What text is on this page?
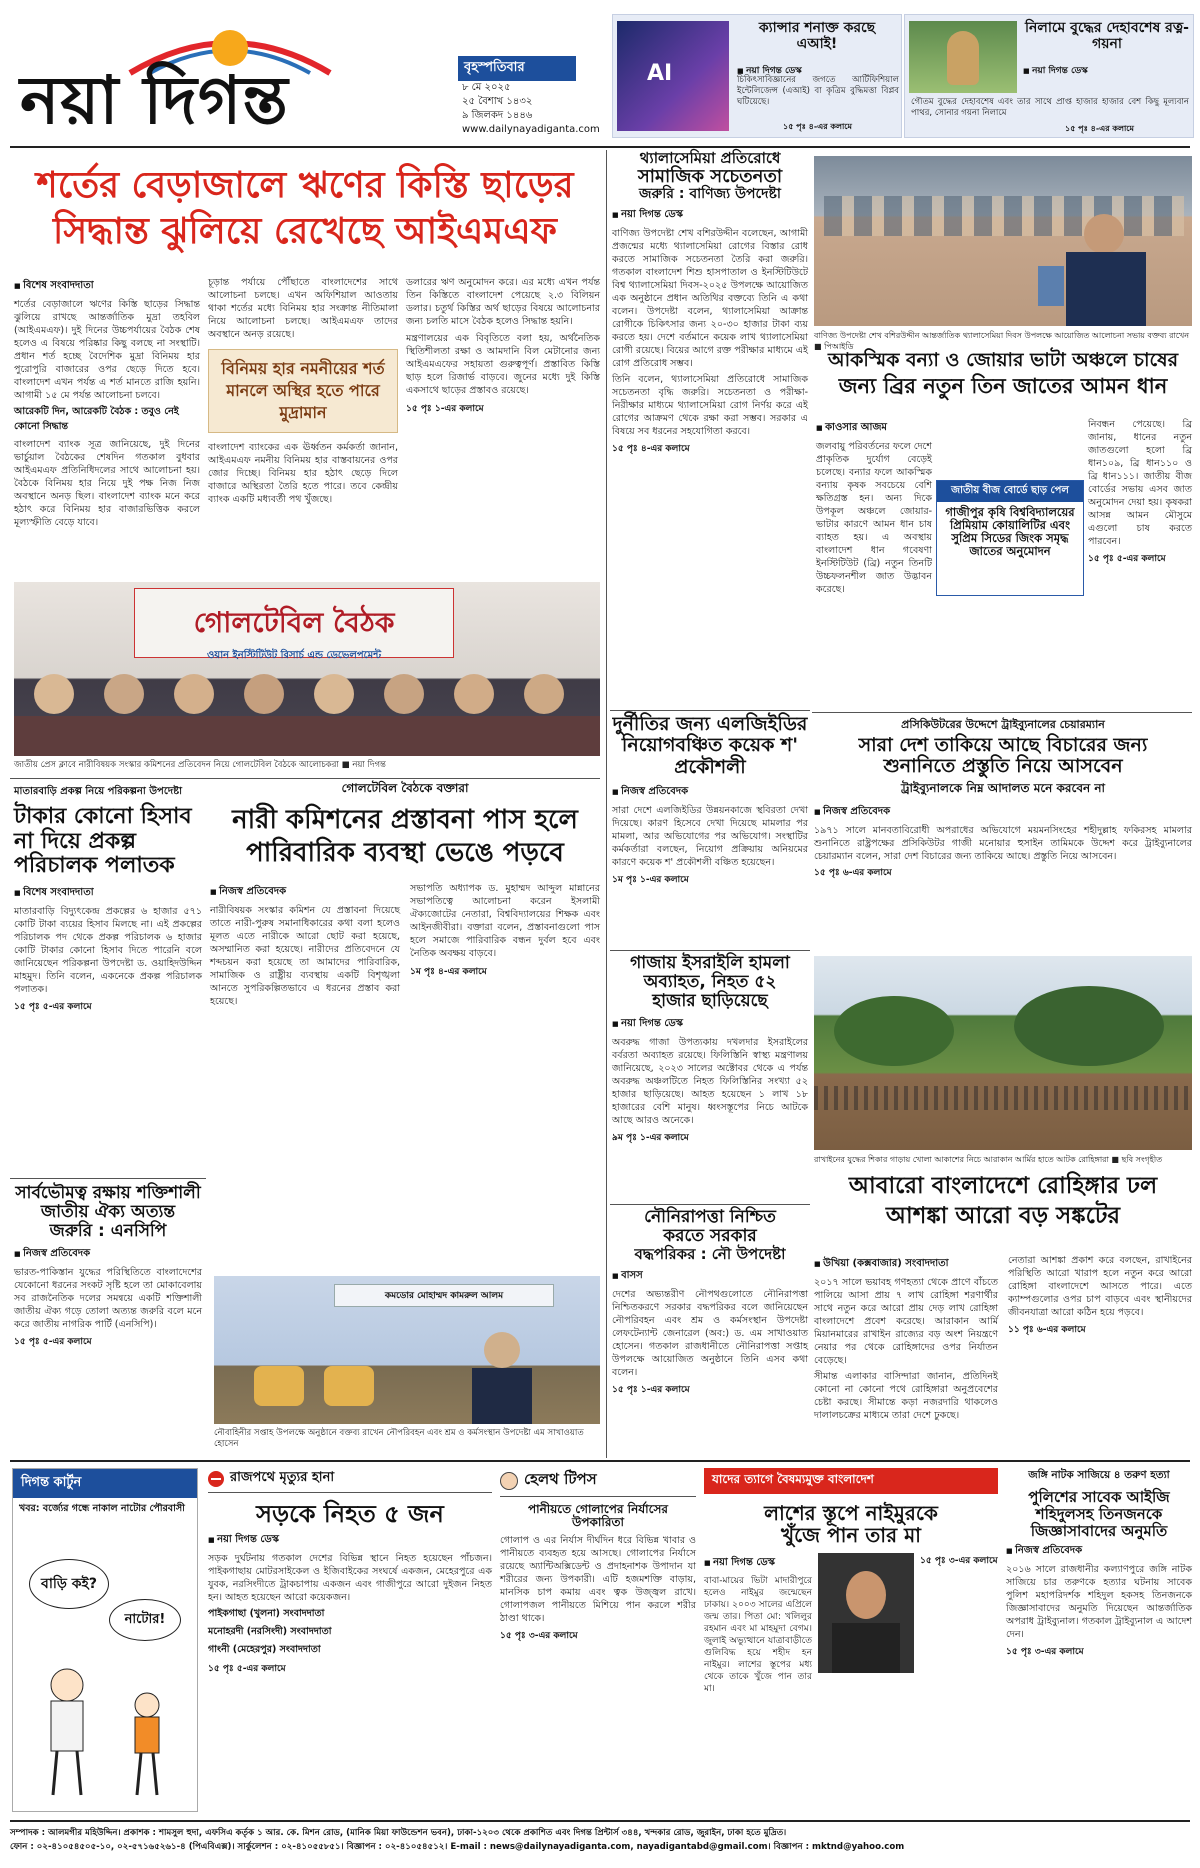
নয়া দিগন্ত	বৃহস্পতিবার
৮ মে ২০২৫
২৫ বৈশাখ ১৪৩২
৯ জিলকদ ১৪৪৬
www.dailynayadiganta.com
AI
ক্যান্সার শনাক্ত করছে এআই!
■ নয়া দিগন্ত ডেস্ক
চিকিৎসাবিজ্ঞানের জগতে আর্টিফিশিয়াল ইন্টেলিজেন্স (এআই) বা কৃত্রিম বুদ্ধিমত্তা বিপ্লব ঘটিয়েছে।
১৫ পৃঃ ৪-এর কলামে
নিলামে বুদ্ধের দেহাবশেষ রত্ন-গয়না
■ নয়া দিগন্ত ডেস্ক
গৌতম বুদ্ধের দেহাবশেষ এবং তার সাথে প্রাপ্ত হাজার হাজার বেশ কিছু মূল্যবান পাথর, সোনার গয়না নিলামে
১৫ পৃঃ ৪-এর কলামে
শর্তের বেড়াজালে ঋণের কিস্তি ছাড়ের
সিদ্ধান্ত ঝুলিয়ে রেখেছে আইএমএফ
■ বিশেষ সংবাদদাতা
শর্তের বেড়াজালে ঋণের কিস্তি ছাড়ের সিদ্ধান্ত ঝুলিয়ে রাখছে আন্তর্জাতিক মুদ্রা তহবিল (আইএমএফ)। দুই দিনের উচ্চপর্যায়ের বৈঠক শেষ হলেও এ বিষয়ে পরিষ্কার কিছু বলছে না সংস্থাটি। প্রধান শর্ত হচ্ছে বৈদেশিক মুদ্রা বিনিময় হার পুরোপুরি বাজারের ওপর ছেড়ে দিতে হবে। বাংলাদেশ এখন পর্যন্ত এ শর্ত মানতে রাজি হয়নি। আগামী ১৫ মে পর্যন্ত আলোচনা চলবে।
আরেকটি দিন, আরেকটি বৈঠক : তবুও নেই কোনো সিদ্ধান্ত
বাংলাদেশ ব্যাংক সূত্র জানিয়েছে, দুই দিনের ভার্চুয়াল বৈঠকের শেষদিন গতকাল বুধবার আইএমএফ প্রতিনিধিদলের সাথে আলোচনা হয়। বৈঠকে বিনিময় হার নিয়ে দুই পক্ষ নিজ নিজ অবস্থানে অনড় ছিল। বাংলাদেশ ব্যাংক মনে করে হঠাৎ করে বিনিময় হার বাজারভিত্তিক করলে মূল্যস্ফীতি বেড়ে যাবে।
চূড়ান্ত পর্যায়ে পৌঁছাতে বাংলাদেশের সাথে আলোচনা চলছে। এখন অফিশিয়াল আওতায় থাকা শর্তের মধ্যে বিনিময় হার সংক্রান্ত নীতিমালা নিয়ে আলোচনা চলছে। আইএমএফ তাদের অবস্থানে অনড় রয়েছে।
বিনিময় হার নমনীয়ের শর্ত মানলে অস্থির হতে পারে মুদ্রামান
বাংলাদেশ ব্যাংকের এক ঊর্ধ্বতন কর্মকর্তা জানান, আইএমএফ নমনীয় বিনিময় হার বাস্তবায়নের ওপর জোর দিচ্ছে। বিনিময় হার হঠাৎ ছেড়ে দিলে বাজারে অস্থিরতা তৈরি হতে পারে। তবে কেন্দ্রীয় ব্যাংক একটি মধ্যবর্তী পথ খুঁজছে।
ডলারের ঋণ অনুমোদন করে। এর মধ্যে এখন পর্যন্ত তিন কিস্তিতে বাংলাদেশ পেয়েছে ২.৩ বিলিয়ন ডলার। চতুর্থ কিস্তির অর্থ ছাড়ের বিষয়ে আলোচনার জন্য চলতি মাসে বৈঠক হলেও সিদ্ধান্ত হয়নি।
মন্ত্রণালয়ের এক বিবৃতিতে বলা হয়, অর্থনৈতিক স্থিতিশীলতা রক্ষা ও আমদানি বিল মেটানোর জন্য আইএমএফের সহায়তা গুরুত্বপূর্ণ। প্রস্তাবিত কিস্তি ছাড় হলে রিজার্ভ বাড়বে। জুনের মধ্যে দুই কিস্তি একসাথে ছাড়ের প্রস্তাবও রয়েছে।
১৫ পৃঃ ১-এর কলামে
গোলটেবিল বৈঠক
ওয়ান ইনস্টিটিউট রিসার্চ এন্ড ডেভেলপমেন্ট
জাতীয় প্রেস ক্লাবে নারীবিষয়ক সংস্কার কমিশনের প্রতিবেদন নিয়ে গোলটেবিল বৈঠকে আলোচকরা ■ নয়া দিগন্ত
গোলটেবিল বৈঠকে বক্তারা
নারী কমিশনের প্রস্তাবনা পাস হলে
পারিবারিক ব্যবস্থা ভেঙে পড়বে
■ নিজস্ব প্রতিবেদক
নারীবিষয়ক সংস্কার কমিশন যে প্রস্তাবনা দিয়েছে তাতে নারী-পুরুষ সমানাধিকারের কথা বলা হলেও মূলত এতে নারীকে আরো ছোট করা হয়েছে, অসম্মানিত করা হয়েছে। নারীদের প্রতিবেদনে যে শব্দচয়ন করা হয়েছে তা আমাদের পারিবারিক, সামাজিক ও রাষ্ট্রীয় ব্যবস্থায় একটি বিশৃঙ্খলা আনতে সুপরিকল্পিতভাবে এ ধরনের প্রস্তাব করা হয়েছে।
সভাপতি অধ্যাপক ড. মুহাম্মদ আব্দুল মান্নানের সভাপতিত্বে আলোচনা করেন ইসলামী ঐক্যজোটের নেতারা, বিশ্ববিদ্যালয়ের শিক্ষক এবং আইনজীবীরা। বক্তারা বলেন, প্রস্তাবনাগুলো পাস হলে সমাজে পারিবারিক বন্ধন দুর্বল হবে এবং নৈতিক অবক্ষয় বাড়বে।
১ম পৃঃ ৪-এর কলামে
মাতারবাড়ি প্রকল্প নিয়ে পরিকল্পনা উপদেষ্টা
টাকার কোনো হিসাব
না দিয়ে প্রকল্প
পরিচালক পলাতক
■ বিশেষ সংবাদদাতা
মাতারবাড়ি বিদ্যুৎকেন্দ্র প্রকল্পের ৬ হাজার ৫৭১ কোটি টাকা ব্যয়ের হিসাব মিলছে না। এই প্রকল্পের পরিচালক পদ থেকে প্রকল্প পরিচালক ৬ হাজার কোটি টাকার কোনো হিসাব দিতে পারেনি বলে জানিয়েছেন পরিকল্পনা উপদেষ্টা ড. ওয়াহিদউদ্দিন মাহমুদ। তিনি বলেন, একনেকে প্রকল্প পরিচালক পলাতক।
১৫ পৃঃ ৫-এর কলামে
সার্বভৌমত্ব রক্ষায় শক্তিশালী
জাতীয় ঐক্য অত্যন্ত
জরুরি : এনসিপি
■ নিজস্ব প্রতিবেদক
ভারত-পাকিস্তান যুদ্ধের পরিস্থিতিতে বাংলাদেশের যেকোনো ধরনের সংকট সৃষ্টি হলে তা মোকাবেলায় সব রাজনৈতিক দলের সমন্বয়ে একটি শক্তিশালী জাতীয় ঐক্য গড়ে তোলা অত্যন্ত জরুরি বলে মনে করে জাতীয় নাগরিক পার্টি (এনসিপি)।
১৫ পৃঃ ৫-এর কলামে
কমডোর মোহাম্মদ কামরুল আলম
নৌবাহিনীর সপ্তাহ উপলক্ষে অনুষ্ঠানে বক্তব্য রাখেন নৌপরিবহন এবং শ্রম ও কর্মসংস্থান উপদেষ্টা এম সাখাওয়াত হোসেন
থ্যালাসেমিয়া প্রতিরোধে
সামাজিক সচেতনতা
জরুরি : বাণিজ্য উপদেষ্টা
■ নয়া দিগন্ত ডেস্ক
বাণিজ্য উপদেষ্টা শেখ বশিরউদ্দীন বলেছেন, আগামী প্রজন্মের মধ্যে থ্যালাসেমিয়া রোগের বিস্তার রোধ করতে সামাজিক সচেতনতা তৈরি করা জরুরি। গতকাল বাংলাদেশ শিশু হাসপাতাল ও ইনস্টিটিউটে বিশ্ব থ্যালাসেমিয়া দিবস-২০২৫ উপলক্ষে আয়োজিত এক অনুষ্ঠানে প্রধান অতিথির বক্তব্যে তিনি এ কথা বলেন। উপদেষ্টা বলেন, থ্যালাসেমিয়া আক্রান্ত রোগীকে চিকিৎসার জন্য ২০-৩০ হাজার টাকা ব্যয় করতে হয়। দেশে বর্তমানে কয়েক লাখ থ্যালাসেমিয়া রোগী রয়েছে। বিয়ের আগে রক্ত পরীক্ষার মাধ্যমে এই রোগ প্রতিরোধ সম্ভব।
তিনি বলেন, থ্যালাসেমিয়া প্রতিরোধে সামাজিক সচেতনতা বৃদ্ধি জরুরি। সচেতনতা ও পরীক্ষা-নিরীক্ষার মাধ্যমে থ্যালাসেমিয়া রোগ নির্ণয় করে এই রোগের আক্রমণ থেকে রক্ষা করা সম্ভব। সরকার এ বিষয়ে সব ধরনের সহযোগিতা করবে।
১৫ পৃঃ ৪-এর কলামে
দুর্নীতির জন্য এলজিইডির
নিয়োগবঞ্চিত কয়েক শ'
প্রকৌশলী
■ নিজস্ব প্রতিবেদক
সারা দেশে এলজিইডির উন্নয়নকাজে স্থবিরতা দেখা দিয়েছে। কারণ হিসেবে দেখা দিয়েছে মামলার পর মামলা, আর অভিযোগের পর অভিযোগ। সংস্থাটির কর্মকর্তারা বলছেন, নিয়োগ প্রক্রিয়ায় অনিয়মের কারণে কয়েক শ' প্রকৌশলী বঞ্চিত হয়েছেন।
১ম পৃঃ ১-এর কলামে
গাজায় ইসরাইলি হামলা
অব্যাহত, নিহত ৫২
হাজার ছাড়িয়েছে
■ নয়া দিগন্ত ডেস্ক
অবরুদ্ধ গাজা উপত্যকায় দখলদার ইসরাইলের বর্বরতা অব্যাহত রয়েছে। ফিলিস্তিনি স্বাস্থ্য মন্ত্রণালয় জানিয়েছে, ২০২৩ সালের অক্টোবর থেকে এ পর্যন্ত অবরুদ্ধ অঞ্চলটিতে নিহত ফিলিস্তিনির সংখ্যা ৫২ হাজার ছাড়িয়েছে। আহত হয়েছেন ১ লাখ ১৮ হাজারের বেশি মানুষ। ধ্বংসস্তূপের নিচে আটকে আছে আরও অনেকে।
৯ম পৃঃ ১-এর কলামে
নৌনিরাপত্তা নিশ্চিত
করতে সরকার
বদ্ধপরিকর : নৌ উপদেষ্টা
■ বাসস
দেশের অভ্যন্তরীণ নৌপথগুলোতে নৌনিরাপত্তা নিশ্চিতকরণে সরকার বদ্ধপরিকর বলে জানিয়েছেন নৌপরিবহন এবং শ্রম ও কর্মসংস্থান উপদেষ্টা লেফটেন্যান্ট জেনারেল (অব:) ড. এম সাখাওয়াত হোসেন। গতকাল রাজধানীতে নৌনিরাপত্তা সপ্তাহ উপলক্ষে আয়োজিত অনুষ্ঠানে তিনি এসব কথা বলেন।
১৫ পৃঃ ১-এর কলামে
বাণিজ্য উপদেষ্টা শেখ বশিরউদ্দীন আন্তর্জাতিক থ্যালাসেমিয়া দিবস উপলক্ষে আয়োজিত আলোচনা সভায় বক্তব্য রাখেন ■ পিআইডি
আকস্মিক বন্যা ও জোয়ার ভাটা অঞ্চলে চাষের
জন্য ব্রির নতুন তিন জাতের আমন ধান
■ কাওসার আজম
জলবায়ু পরিবর্তনের ফলে দেশে প্রাকৃতিক দুর্যোগ বেড়েই চলেছে। বন্যার ফলে আকস্মিক বন্যায় কৃষক সবচেয়ে বেশি ক্ষতিগ্রস্ত হন। অন্য দিকে উপকূল অঞ্চলে জোয়ার-ভাটার কারণে আমন ধান চাষ ব্যাহত হয়। এ অবস্থায় বাংলাদেশ ধান গবেষণা ইনস্টিটিউট (ব্রি) নতুন তিনটি উচ্চফলনশীল জাত উদ্ভাবন করেছে।
জাতীয় বীজ বোর্ডে ছাড় পেল
গাজীপুর কৃষি বিশ্ববিদ্যালয়ের
প্রিমিয়াম কোয়ালিটির এবং
সুপ্রিম সিডের জিংক সমৃদ্ধ
জাতের অনুমোদন
নিবন্ধন পেয়েছে। ব্রি জানায়, ধানের নতুন জাতগুলো হলো ব্রি ধান১০৯, ব্রি ধান১১০ ও ব্রি ধান১১১। জাতীয় বীজ বোর্ডের সভায় এসব জাত অনুমোদন দেয়া হয়। কৃষকরা আসন্ন আমন মৌসুমে এগুলো চাষ করতে পারবেন।
১৫ পৃঃ ৫-এর কলামে
প্রসিকিউটরের উদ্দেশে ট্রাইব্যুনালের চেয়ারম্যান
সারা দেশ তাকিয়ে আছে বিচারের জন্য
শুনানিতে প্রস্তুতি নিয়ে আসবেন
ট্রাইব্যুনালকে নিম্ন আদালত মনে করবেন না
■ নিজস্ব প্রতিবেদক
১৯৭১ সালে মানবতাবিরোধী অপরাধের অভিযোগে ময়মনসিংহের শহীদুল্লাহ ফকিরসহ মামলার শুনানিতে রাষ্ট্রপক্ষের প্রসিকিউটর গাজী মনোয়ার হুসাইন তামিমকে উদ্দেশ করে ট্রাইব্যুনালের চেয়ারম্যান বলেন, সারা দেশ বিচারের জন্য তাকিয়ে আছে। প্রস্তুতি নিয়ে আসবেন।
১৫ পৃঃ ৬-এর কলামে
রাখাইনের যুদ্ধের শিকার গাড়ায় খোলা আকাশের নিচে আরাকান আর্মির হাতে আটক রোহিঙ্গারা ■ ছবি সংগৃহীত
আবারো বাংলাদেশে রোহিঙ্গার ঢল
আশঙ্কা আরো বড় সঙ্কটের
■ উখিয়া (কক্সবাজার) সংবাদদাতা
২০১৭ সালে ভয়াবহ গণহত্যা থেকে প্রাণে বাঁচতে পালিয়ে আসা প্রায় ৭ লাখ রোহিঙ্গা শরণার্থীর সাথে নতুন করে আরো প্রায় দেড় লাখ রোহিঙ্গা বাংলাদেশে প্রবেশ করেছে। আরাকান আর্মি মিয়ানমারের রাখাইন রাজ্যের বড় অংশ নিয়ন্ত্রণে নেয়ার পর থেকে রোহিঙ্গাদের ওপর নির্যাতন বেড়েছে।
সীমান্ত এলাকার বাসিন্দারা জানান, প্রতিদিনই কোনো না কোনো পথে রোহিঙ্গারা অনুপ্রবেশের চেষ্টা করছে। সীমান্তে কড়া নজরদারি থাকলেও দালালচক্রের মাধ্যমে তারা দেশে ঢুকছে।
নেতারা আশঙ্কা প্রকাশ করে বলছেন, রাখাইনের পরিস্থিতি আরো খারাপ হলে নতুন করে আরো রোহিঙ্গা বাংলাদেশে আসতে পারে। এতে ক্যাম্পগুলোর ওপর চাপ বাড়বে এবং স্থানীয়দের জীবনযাত্রা আরো কঠিন হয়ে পড়বে।
১১ পৃঃ ৬-এর কলামে
দিগন্ত কার্টুন
খবর: বর্জ্যের গন্ধে নাকাল নাটোর পৌরবাসী
বাড়ি কই?
নাটোর!
রাজপথে মৃত্যুর হানা
সড়কে নিহত ৫ জন
■ নয়া দিগন্ত ডেস্ক
সড়ক দুর্ঘটনায় গতকাল দেশের বিভিন্ন স্থানে নিহত হয়েছেন পাঁচজন। পাইকগাছায় মোটরসাইকেল ও ইজিবাইকের সংঘর্ষে একজন, মেহেরপুরে এক যুবক, নরসিংদীতে ট্রাকচাপায় একজন এবং গাজীপুরে আরো দুইজন নিহত হন। আহত হয়েছেন আরো কয়েকজন।
পাইকগাছা (খুলনা) সংবাদদাতা
মনোহরদী (নরসিংদী) সংবাদদাতা
গাংনী (মেহেরপুর) সংবাদদাতা
১৫ পৃঃ ৫-এর কলামে
হেলথ টিপস
পানীয়তে গোলাপের নির্যাসের উপকারিতা
গোলাপ ও এর নির্যাস দীর্ঘদিন ধরে বিভিন্ন খাবার ও পানীয়তে ব্যবহৃত হয়ে আসছে। গোলাপের নির্যাসে রয়েছে অ্যান্টিঅক্সিডেন্ট ও প্রদাহনাশক উপাদান যা শরীরের জন্য উপকারী। এটি হজমশক্তি বাড়ায়, মানসিক চাপ কমায় এবং ত্বক উজ্জ্বল রাখে। গোলাপজল পানীয়তে মিশিয়ে পান করলে শরীর ঠাণ্ডা থাকে।
১৫ পৃঃ ৩-এর কলামে
যাদের ত্যাগে বৈষম্যমুক্ত বাংলাদেশ
লাশের স্তূপে নাইমুরকে
খুঁজে পান তার মা
■ নয়া দিগন্ত ডেস্ক
বাবা-মায়ের ভিটা মাদারীপুরে হলেও নাইমুর জন্মেছেন ঢাকায়। ২০০৩ সালের এপ্রিলে জন্ম তার। পিতা মো: খলিলুর রহমান এবং মা মাহমুদা বেগম। জুলাই অভ্যুত্থানে যাত্রাবাড়ীতে গুলিবিদ্ধ হয়ে শহীদ হন নাইমুর। লাশের স্তূপের মধ্য থেকে তাকে খুঁজে পান তার মা।
১৫ পৃঃ ৩-এর কলামে
জঙ্গি নাটক সাজিয়ে ৪ তরুণ হত্যা
পুলিশের সাবেক আইজি
শহিদুলসহ তিনজনকে
জিজ্ঞাসাবাদের অনুমতি
■ নিজস্ব প্রতিবেদক
২০১৬ সালে রাজধানীর কল্যাণপুরে জঙ্গি নাটক সাজিয়ে চার তরুণকে হত্যার ঘটনায় সাবেক পুলিশ মহাপরিদর্শক শহিদুল হকসহ তিনজনকে জিজ্ঞাসাবাদের অনুমতি দিয়েছেন আন্তর্জাতিক অপরাধ ট্রাইব্যুনাল। গতকাল ট্রাইব্যুনাল এ আদেশ দেন।
১৫ পৃঃ ৩-এর কলামে
সম্পাদক : আলমগীর মহিউদ্দিন। প্রকাশক : শামসুল হুদা, এফসিএ কর্তৃক ১ আর. কে. মিশন রোড, (মানিক মিয়া ফাউন্ডেশন ভবন), ঢাকা-১২০৩ থেকে প্রকাশিত এবং দিগন্ত প্রিন্টার্স ৩৪৪, খন্দকার রোড, জুরাইন, ঢাকা হতে মুদ্রিত।
ফোন : ০২-৪১০৫৪৫০৫-১০, ০২-৫৭১৬৫২৬১-৪ (পিএবিএক্স)। সার্কুলেশন : ০২-৪১০৫৫৮৫১। বিজ্ঞাপন : ০২-৪১০৫৪৫১২। E-mail : news@dailynayadiganta.com, nayadigantabd@gmail.com। বিজ্ঞাপন : mktnd@yahoo.com
